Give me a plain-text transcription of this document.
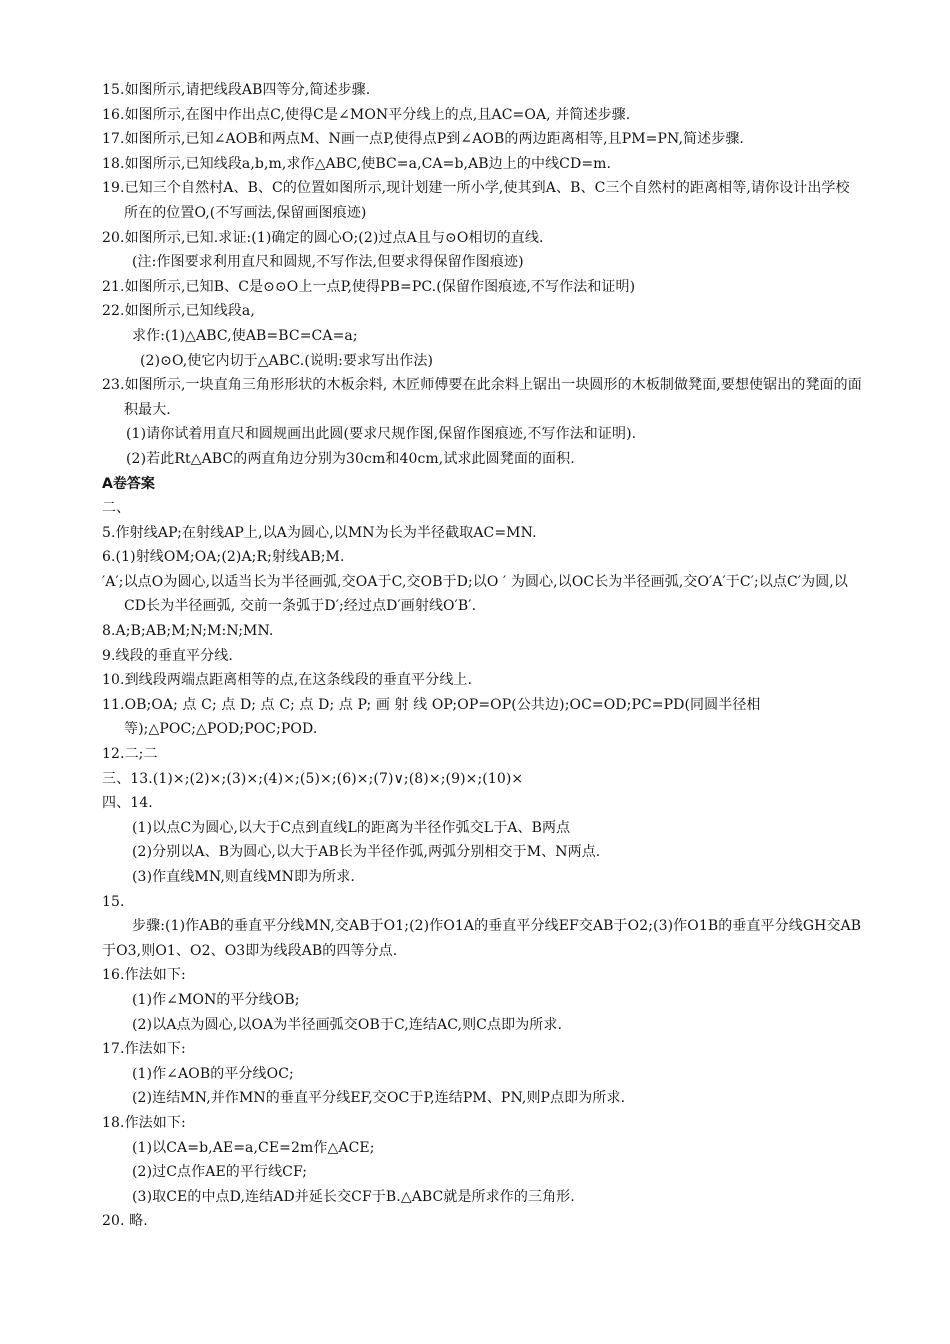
15.如图所示,请把线段AB四等分,简述步骤.
16.如图所示,在图中作出点C,使得C是∠MON平分线上的点,且AC=OA, 并简述步骤.
17.如图所示,已知∠AOB和两点M、N画一点P,使得点P到∠AOB的两边距离相等,且PM=PN,简述步骤.
18.如图所示,已知线段a,b,m,求作△ABC,使BC=a,CA=b,AB边上的中线CD=m.
19.已知三个自然村A、B、C的位置如图所示,现计划建一所小学,使其到A、B、C三个自然村的距离相等,请你设计出学校所在的位置O,(不写画法,保留画图痕迹)
20.如图所示,已知.求证:(1)确定的圆心O;(2)过点A且与⊙O相切的直线.
(注:作图要求利用直尺和圆规,不写作法,但要求得保留作图痕迹)
21.如图所示,已知B、C是⊙⊙O上一点P,使得PB=PC.(保留作图痕迹,不写作法和证明)
22.如图所示,已知线段a,
求作:(1)△ABC,使AB=BC=CA=a;
(2)⊙O,使它内切于△ABC.(说明:要求写出作法)
23.如图所示,一块直角三角形形状的木板余料, 木匠师傅要在此余料上锯出一块圆形的木板制做凳面,要想使锯出的凳面的面积最大.
(1)请你试着用直尺和圆规画出此圆(要求尺规作图,保留作图痕迹,不写作法和证明).
(2)若此Rt△ABC的两直角边分别为30cm和40cm,试求此圆凳面的面积.
A卷答案
二、
5.作射线AP;在射线AP上,以A为圆心,以MN为长为半径截取AC=MN.
6.(1)射线OM;OA;(2)A;R;射线AB;M.
′A′;以点O为圆心,以适当长为半径画弧,交OA于C,交OB于D;以O ′ 为圆心,以OC长为半径画弧,交O′A′于C′;以点C′为圆,以CD长为半径画弧, 交前一条弧于D′;经过点D′画射线O′B′.
8.A;B;AB;M;N;M:N;MN.
9.线段的垂直平分线.
10.到线段两端点距离相等的点,在这条线段的垂直平分线上.
11.OB;OA; 点 C; 点 D; 点 C; 点 D; 点 P; 画 射 线 OP;OP=OP(公共边);OC=OD;PC=PD(同圆半径相等);△POC;△POD;POC;POD.
12.二;二
三、13.(1)×;(2)×;(3)×;(4)×;(5)×;(6)×;(7)∨;(8)×;(9)×;(10)×
四、14.
(1)以点C为圆心,以大于C点到直线L的距离为半径作弧交L于A、B两点
(2)分别以A、B为圆心,以大于AB长为半径作弧,两弧分别相交于M、N两点.
(3)作直线MN,则直线MN即为所求.
15.
步骤:(1)作AB的垂直平分线MN,交AB于O1;(2)作O1A的垂直平分线EF交AB于O2;(3)作O1B的垂直平分线GH交AB于O3,则O1、O2、O3即为线段AB的四等分点.
16.作法如下:
(1)作∠MON的平分线OB;
(2)以A点为圆心,以OA为半径画弧交OB于C,连结AC,则C点即为所求.
17.作法如下:
(1)作∠AOB的平分线OC;
(2)连结MN,并作MN的垂直平分线EF,交OC于P,连结PM、PN,则P点即为所求.
18.作法如下:
(1)以CA=b,AE=a,CE=2m作△ACE;
(2)过C点作AE的平行线CF;
(3)取CE的中点D,连结AD并延长交CF于B.△ABC就是所求作的三角形.
20. 略.
